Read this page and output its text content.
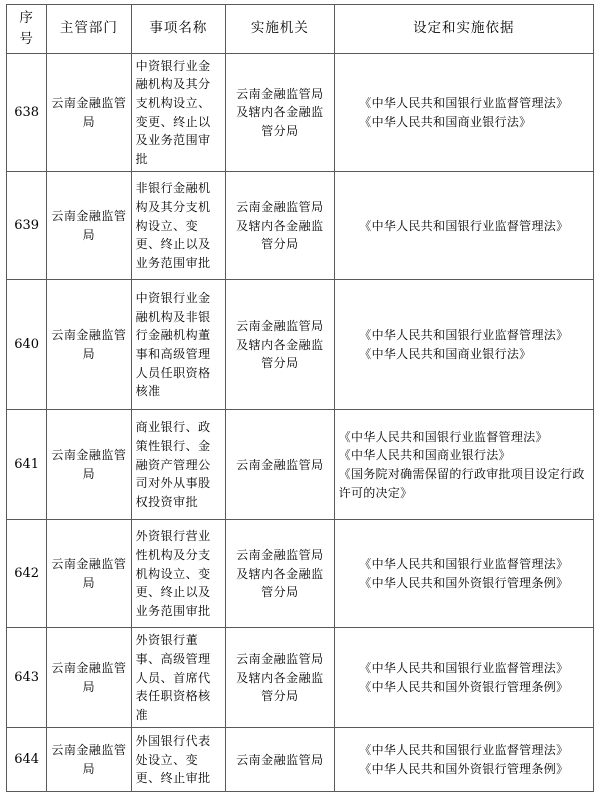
序
号	主管部门	事项名称	实施机关	设定和实施依据
638	云南金融监管局	中资银行业金融机构及其分支机构设立、变更、终止以及业务范围审批	云南金融监管局及辖内各金融监管分局	《中华人民共和国银行业监督管理法》
《中华人民共和国商业银行法》

639	云南金融监管局	非银行金融机构及其分支机构设立、变更、终止以及业务范围审批	云南金融监管局及辖内各金融监管分局	《中华人民共和国银行业监督管理法》

640	云南金融监管局	中资银行业金融机构及非银行金融机构董事和高级管理人员任职资格核准	云南金融监管局及辖内各金融监管分局	《中华人民共和国银行业监督管理法》
《中华人民共和国商业银行法》

641	云南金融监管局	商业银行、政策性银行、金融资产管理公司对外从事股权投资审批	云南金融监管局	《中华人民共和国银行业监督管理法》
《中华人民共和国商业银行法》
《国务院对确需保留的行政审批项目设定行政许可的决定》

642	云南金融监管局	外资银行营业性机构及分支机构设立、变更、终止以及业务范围审批	云南金融监管局及辖内各金融监管分局	《中华人民共和国银行业监督管理法》
《中华人民共和国外资银行管理条例》

643	云南金融监管局	外资银行董事、高级管理人员、首席代表任职资格核准	云南金融监管局及辖内各金融监管分局	《中华人民共和国银行业监督管理法》
《中华人民共和国外资银行管理条例》

644	云南金融监管局	外国银行代表处设立、变更、终止审批	云南金融监管局	《中华人民共和国银行业监督管理法》
《中华人民共和国外资银行管理条例》
